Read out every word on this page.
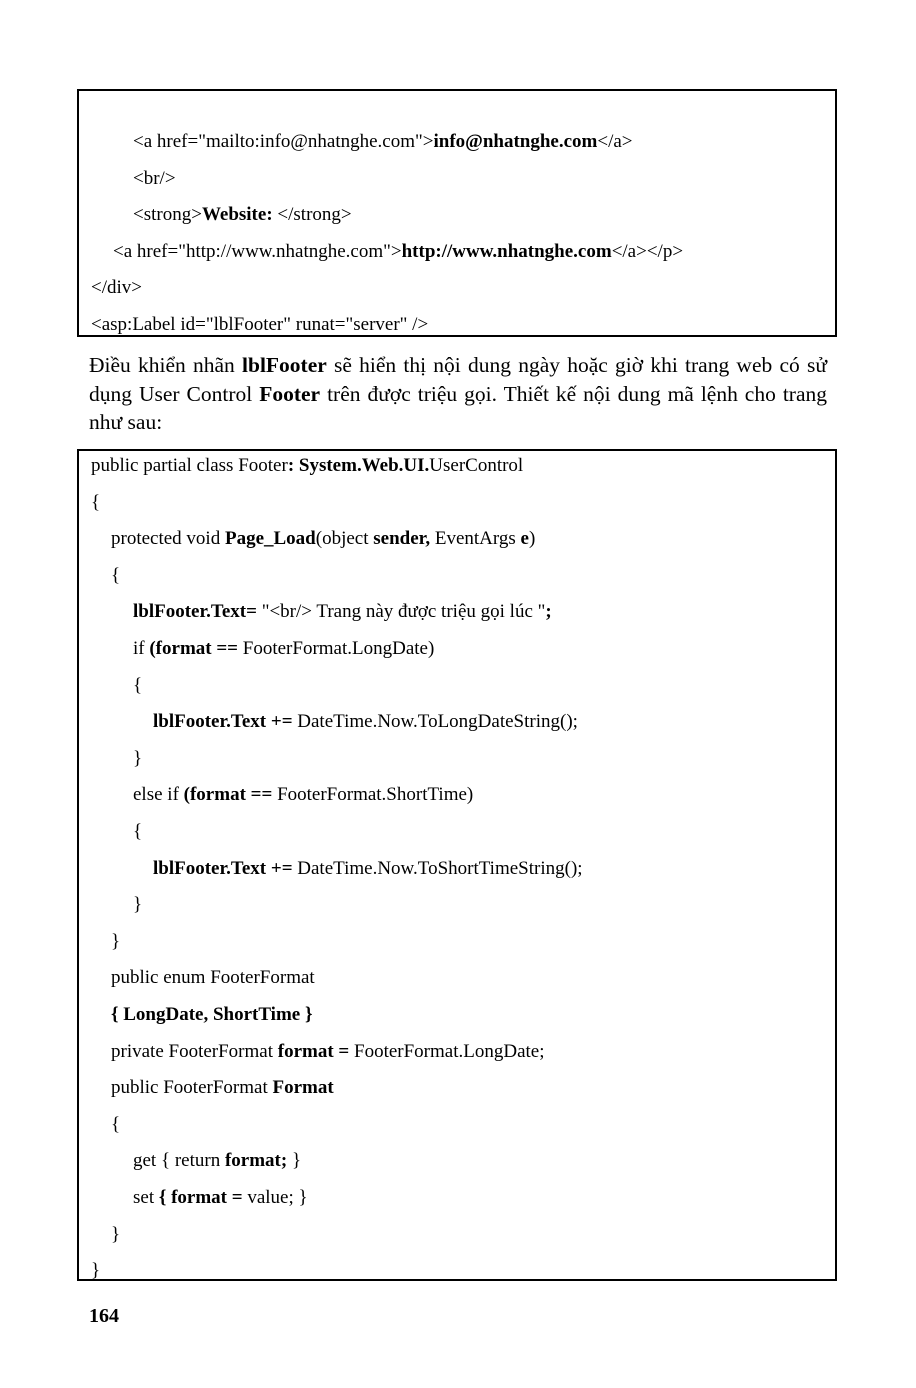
<a href="mailto:info@nhatnghe.com">info@nhatnghe.com</a>
<br/>
<strong>Website: </strong>
<a href="http://www.nhatnghe.com">http://www.nhatnghe.com</a></p>
</div>
<asp:Label id="lblFooter" runat="server" />
Điều khiển nhãn lblFooter sẽ hiển thị nội dung ngày hoặc giờ khi trang web có sử dụng User Control Footer trên được triệu gọi. Thiết kế nội dung mã lệnh cho trang như sau:
public partial class Footer: System.Web.UI.UserControl
{
protected void Page_Load(object sender, EventArgs e)
{
lblFooter.Text= "<br/> Trang này được triệu gọi lúc ";
if (format == FooterFormat.LongDate)
{
lblFooter.Text += DateTime.Now.ToLongDateString();
}
else if (format == FooterFormat.ShortTime)
{
lblFooter.Text += DateTime.Now.ToShortTimeString();
}
}
public enum FooterFormat
{ LongDate, ShortTime }
private FooterFormat format = FooterFormat.LongDate;
public FooterFormat Format
{
get { return format; }
set { format = value; }
}
}
164
